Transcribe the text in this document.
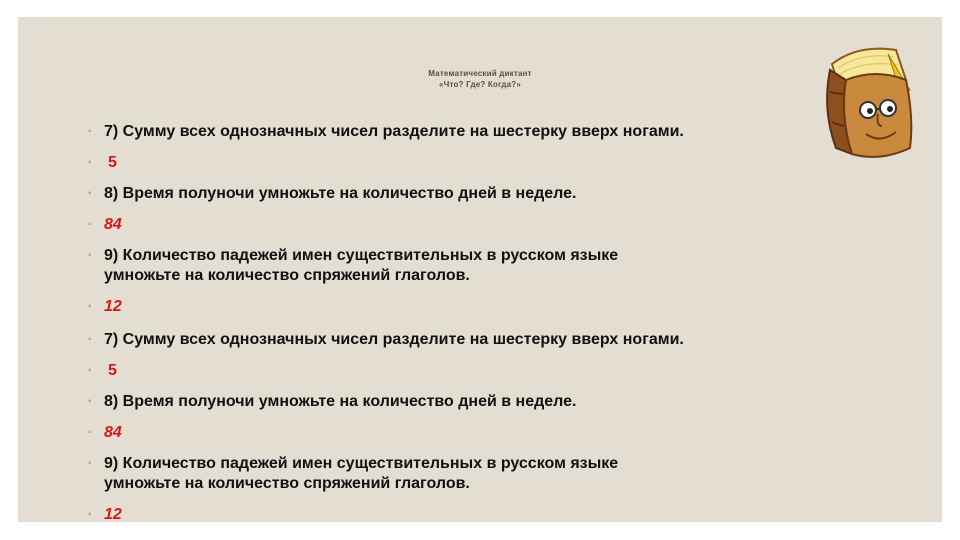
Математический диктант
«Что? Где? Когда?»
◦ 7) Сумму всех однозначных чисел разделите на шестерку вверх ногами.
◦ 5
◦ 8) Время полуночи умножьте на количество дней в неделе.
◦ 84
◦ 9) Количество падежей имен существительных в русском языке
умножьте на количество спряжений глаголов.
◦ 12
◦ 7) Сумму всех однозначных чисел разделите на шестерку вверх ногами.
◦ 5
◦ 8) Время полуночи умножьте на количество дней в неделе.
◦ 84
◦ 9) Количество падежей имен существительных в русском языке
умножьте на количество спряжений глаголов.
◦ 12
